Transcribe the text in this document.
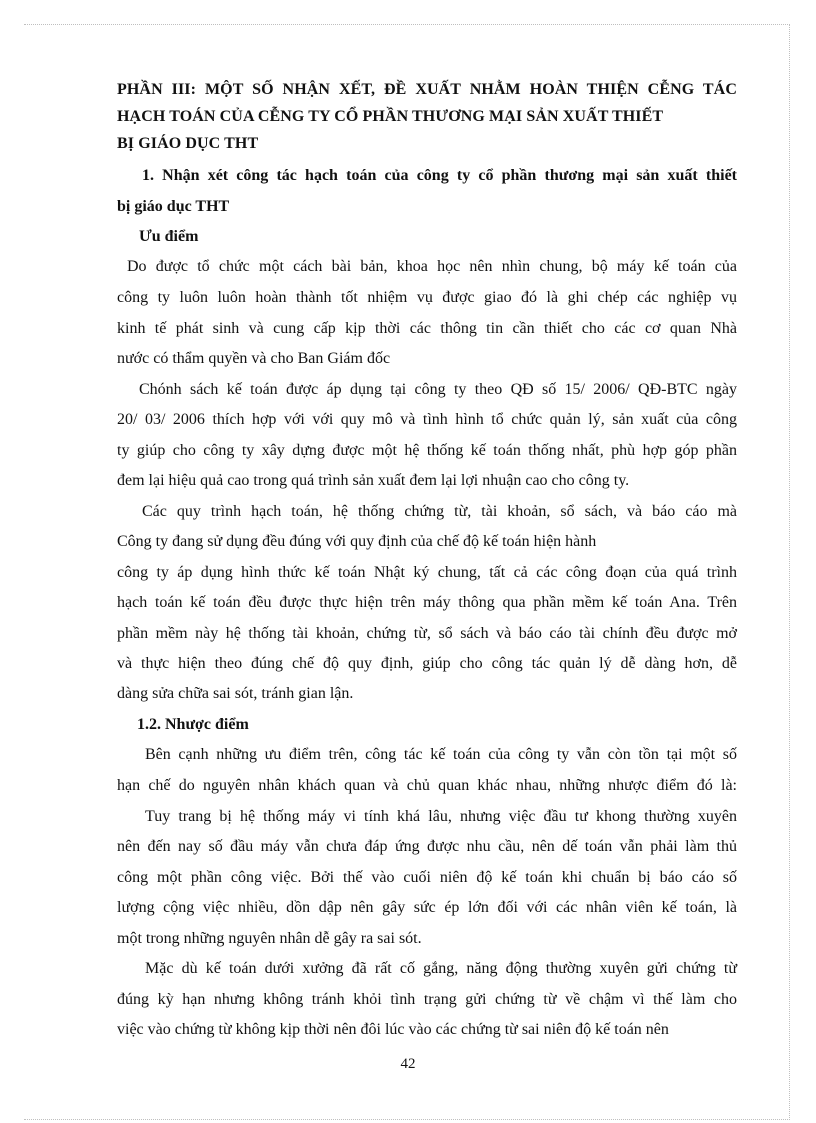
PHẦN III: MỘT SỐ NHẬN XẾT, ĐỀ XUẤT NHẰM HOÀN THIỆN CỄNG TÁC
HẠCH TOÁN CỦA CỄNG TY CỔ PHẦN THƯƠNG MẠI SẢN XUẤT THIẾT
BỊ GIÁO DỤC THT
1. Nhận xét công tác hạch toán của công ty cổ phần thương mại sản xuất thiết
bị giáo dục THT
Ưu điểm
Do được tổ chức một cách bài bản, khoa học nên nhìn chung, bộ máy kế toán của
công ty luôn luôn hoàn thành tốt nhiệm vụ được giao đó là ghi chép các nghiệp vụ
kinh tế phát sinh và cung cấp kịp thời các thông tin cần thiết cho các cơ quan Nhà
nước có thẩm quyền và cho Ban Giám đốc
Chónh sách kế toán được áp dụng tại công ty theo QĐ số 15/ 2006/ QĐ-BTC ngày
20/ 03/ 2006 thích hợp với với quy mô và tình hình tổ chức quản lý, sản xuất của công
ty giúp cho công ty xây dựng được một hệ thống kế toán thống nhất, phù hợp góp phần
đem lại hiệu quả cao trong quá trình sản xuất đem lại lợi nhuận cao cho công ty.
Các quy trình hạch toán, hệ thống chứng từ, tài khoản, sổ sách, và báo cáo mà
Công ty đang sử dụng đều đúng với quy định của chế độ kế toán hiện hành
công ty áp dụng hình thức kế toán Nhật ký chung, tất cả các công đoạn của quá trình
hạch toán kế toán đều được thực hiện trên máy thông qua phần mềm kế toán Ana. Trên
phần mềm này hệ thống tài khoản, chứng từ, sổ sách và báo cáo tài chính đều được mở
và thực hiện theo đúng chế độ quy định, giúp cho công tác quản lý dễ dàng hơn, dễ
dàng sửa chữa sai sót, tránh gian lận.
1.2. Nhược điểm
Bên cạnh những ưu điểm trên, công tác kế toán của công ty vẫn còn tồn tại một số
hạn chế do nguyên nhân khách quan và chủ quan khác nhau, những nhược điểm đó là:
Tuy trang bị hệ thống máy vi tính khá lâu, nhưng việc đầu tư khong thường xuyên
nên đến nay số đầu máy vẫn chưa đáp ứng được nhu cầu, nên dế toán vẫn phải làm thủ
công một phần công việc. Bởi thế vào cuối niên độ kế toán khi chuẩn bị báo cáo số
lượng cộng việc nhiều, dồn dập nên gây sức ép lớn đối với các nhân viên kế toán, là
một trong những nguyên nhân dễ gây ra sai sót.
Mặc dù kế toán dưới xưởng đã rất cố gắng, năng động thường xuyên gửi chứng từ
đúng kỳ hạn nhưng không tránh khỏi tình trạng gửi chứng từ về chậm vì thế làm cho
việc vào chứng từ không kịp thời nên đôi lúc vào các chứng từ sai niên độ kế toán nên
42
